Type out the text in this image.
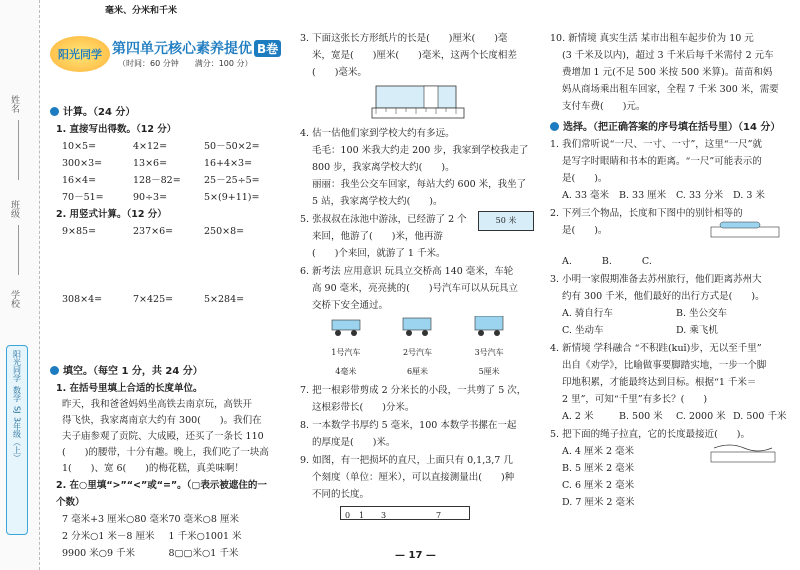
姓名
班级
学校
阳光同学
数学
SJ
3年级（上）
毫米、分米和千米
阳光同学 第四单元核心素养提优 B卷
（时间：60 分钟　　满分：100 分）
计算。（24 分）
1. 直接写出得数。（12 分）
10×5=	4×12=	50－50×2=
300×3=	13×6=	16+4×3=
16×4=	128－82=	25－25÷5=
70－51=	90÷3=	5×(9+11)=
2. 用竖式计算。（12 分）
9×85=	237×6=	250×8=
308×4=	7×425=	5×284=
填空。（每空 1 分，共 24 分）
1. 在括号里填上合适的长度单位。
昨天，我和爸爸妈妈坐高铁去南京玩，高铁开
得飞快，我家离南京大约有 300(　　)。我们在
夫子庙参观了贡院、大成殿，还买了一条长 110
(　　)的腰带，十分有趣。晚上，我们吃了一块高
1(　　)、宽 6(　　)的梅花糕，真美味啊！
2. 在○里填“>”“<”或“=”。（▢表示被遮住的一个数）
7 毫米+3 厘米○80 毫米 70 毫米○8 厘米
2 分米○1 米－8 厘米	1 千米○1001 米
9900 米○9 千米	8▢▢米○1 千米
3. 下面这张长方形纸片的长是(　　)厘米(　　)毫
米，宽是(　　)厘米(　　)毫米，这两个长度相差
(　　)毫米。
4. 估一估他们家到学校大约有多远。
毛毛：100 米我大约走 200 步，我家到学校我走了
800 步，我家离学校大约(　　)。
丽丽：我坐公交车回家，每站大约 600 米，我坐了
5 站，我家离学校大约(　　)。
5. 张叔叔在泳池中游泳，已经游了 2 个
来回，他游了(　　)米，他再游
(　　)个来回，就游了 1 千米。
50 米
6. 新考法 应用意识 玩具立交桥高 140 毫米，车轮
高 90 毫米，亮亮挑的(　　)号汽车可以从玩具立
交桥下安全通过。
1号汽车	2号汽车	3号汽车
4毫米	6厘米	5厘米
7. 把一根彩带剪成 2 分米长的小段，一共剪了 5 次，
这根彩带长(　　)分米。
8. 一本数学书厚约 5 毫米，100 本数学书摞在一起
的厚度是(　　)米。
9. 如图，有一把损坏的直尺，上面只有 0,1,3,7 几
个刻度（单位：厘米），可以直接测量出(　　)种
不同的长度。
0 1 3	7
10. 新情境 真实生活 某市出租车起步价为 10 元
(3 千米及以内)，超过 3 千米后每千米需付 2 元车
费增加 1 元(不足 500 米按 500 米算)。苗苗和妈
妈从商场乘出租车回家，全程 7 千米 300 米，需要
支付车费(　　)元。
选择。（把正确答案的序号填在括号里）（14 分）
1. 我们常听说“一尺、一寸、一寸”，这里“一尺”就
是写字时眼睛和书本的距离。“一尺”可能表示的
是(　　)。
A. 33 毫米	B. 33 厘米	C. 33 分米	D. 3 米
2. 下列三个物品，长度和下图中的别针相等的
是(　　)。
A.	B.	C.
3. 小明一家假期准备去苏州旅行，他们距离苏州大
约有 300 千米，他们最好的出行方式是(　　)。
A. 骑自行车	B. 坐公交车
C. 坐动车	D. 乘飞机
4. 新情境 学科融合 “不积跬(kuǐ)步，无以至千里”
出自《劝学》，比喻做事要脚踏实地，一步一个脚
印地积累，才能最终达到目标。根据“1 千米＝
2 里”，可知“千里”有多长？(　　)
A. 2 米	B. 500 米	C. 2000 米 D. 500 千米
5. 把下面的绳子拉直，它的长度最接近(　　)。
A. 4 厘米 2 毫米
B. 5 厘米 2 毫米
C. 6 厘米 2 毫米
D. 7 厘米 2 毫米
— 17 —
